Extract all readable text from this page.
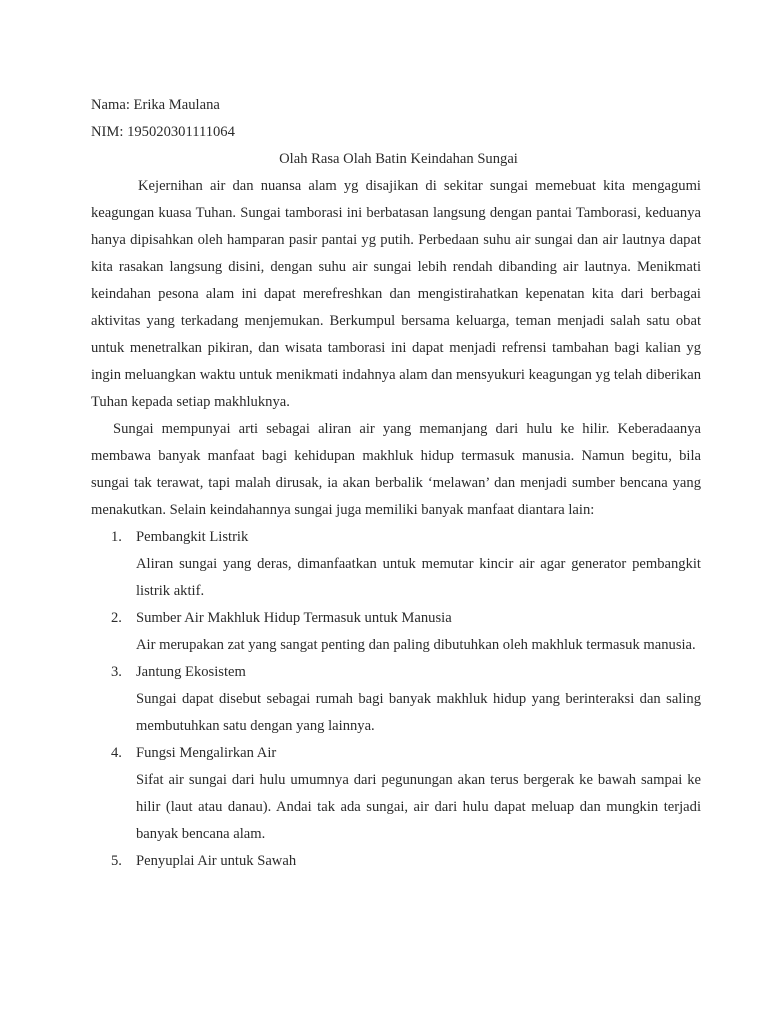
Nama: Erika Maulana

NIM: 195020301111064

Olah Rasa Olah Batin Keindahan Sungai

Kejernihan air dan nuansa alam yg disajikan di sekitar sungai memebuat kita mengagumi keagungan kuasa Tuhan. Sungai tamborasi ini berbatasan langsung dengan pantai Tamborasi, keduanya hanya dipisahkan oleh hamparan pasir pantai yg putih. Perbedaan suhu air sungai dan air lautnya dapat kita rasakan langsung disini, dengan suhu air sungai lebih rendah dibanding air lautnya. Menikmati keindahan pesona alam ini dapat merefreshkan dan mengistirahatkan kepenatan kita dari berbagai aktivitas yang terkadang menjemukan. Berkumpul bersama keluarga, teman menjadi salah satu obat untuk menetralkan pikiran, dan wisata tamborasi ini dapat menjadi refrensi tambahan bagi kalian yg ingin meluangkan waktu untuk menikmati indahnya alam dan mensyukuri keagungan yg telah diberikan Tuhan kepada setiap makhluknya.

Sungai mempunyai arti sebagai aliran air yang memanjang dari hulu ke hilir. Keberadaanya membawa banyak manfaat bagi kehidupan makhluk hidup termasuk manusia. Namun begitu, bila sungai tak terawat, tapi malah dirusak, ia akan berbalik ‘melawan’ dan menjadi sumber bencana yang menakutkan. Selain keindahannya sungai juga memiliki banyak manfaat diantara lain:

1. Pembangkit Listrik
Aliran sungai yang deras, dimanfaatkan untuk memutar kincir air agar generator pembangkit listrik aktif.
2. Sumber Air Makhluk Hidup Termasuk untuk Manusia
Air merupakan zat yang sangat penting dan paling dibutuhkan oleh makhluk termasuk manusia.
3. Jantung Ekosistem
Sungai dapat disebut sebagai rumah bagi banyak makhluk hidup yang berinteraksi dan saling membutuhkan satu dengan yang lainnya.
4. Fungsi Mengalirkan Air
Sifat air sungai dari hulu umumnya dari pegunungan akan terus bergerak ke bawah sampai ke hilir (laut atau danau). Andai tak ada sungai, air dari hulu dapat meluap dan mungkin terjadi banyak bencana alam.
5. Penyuplai Air untuk Sawah
